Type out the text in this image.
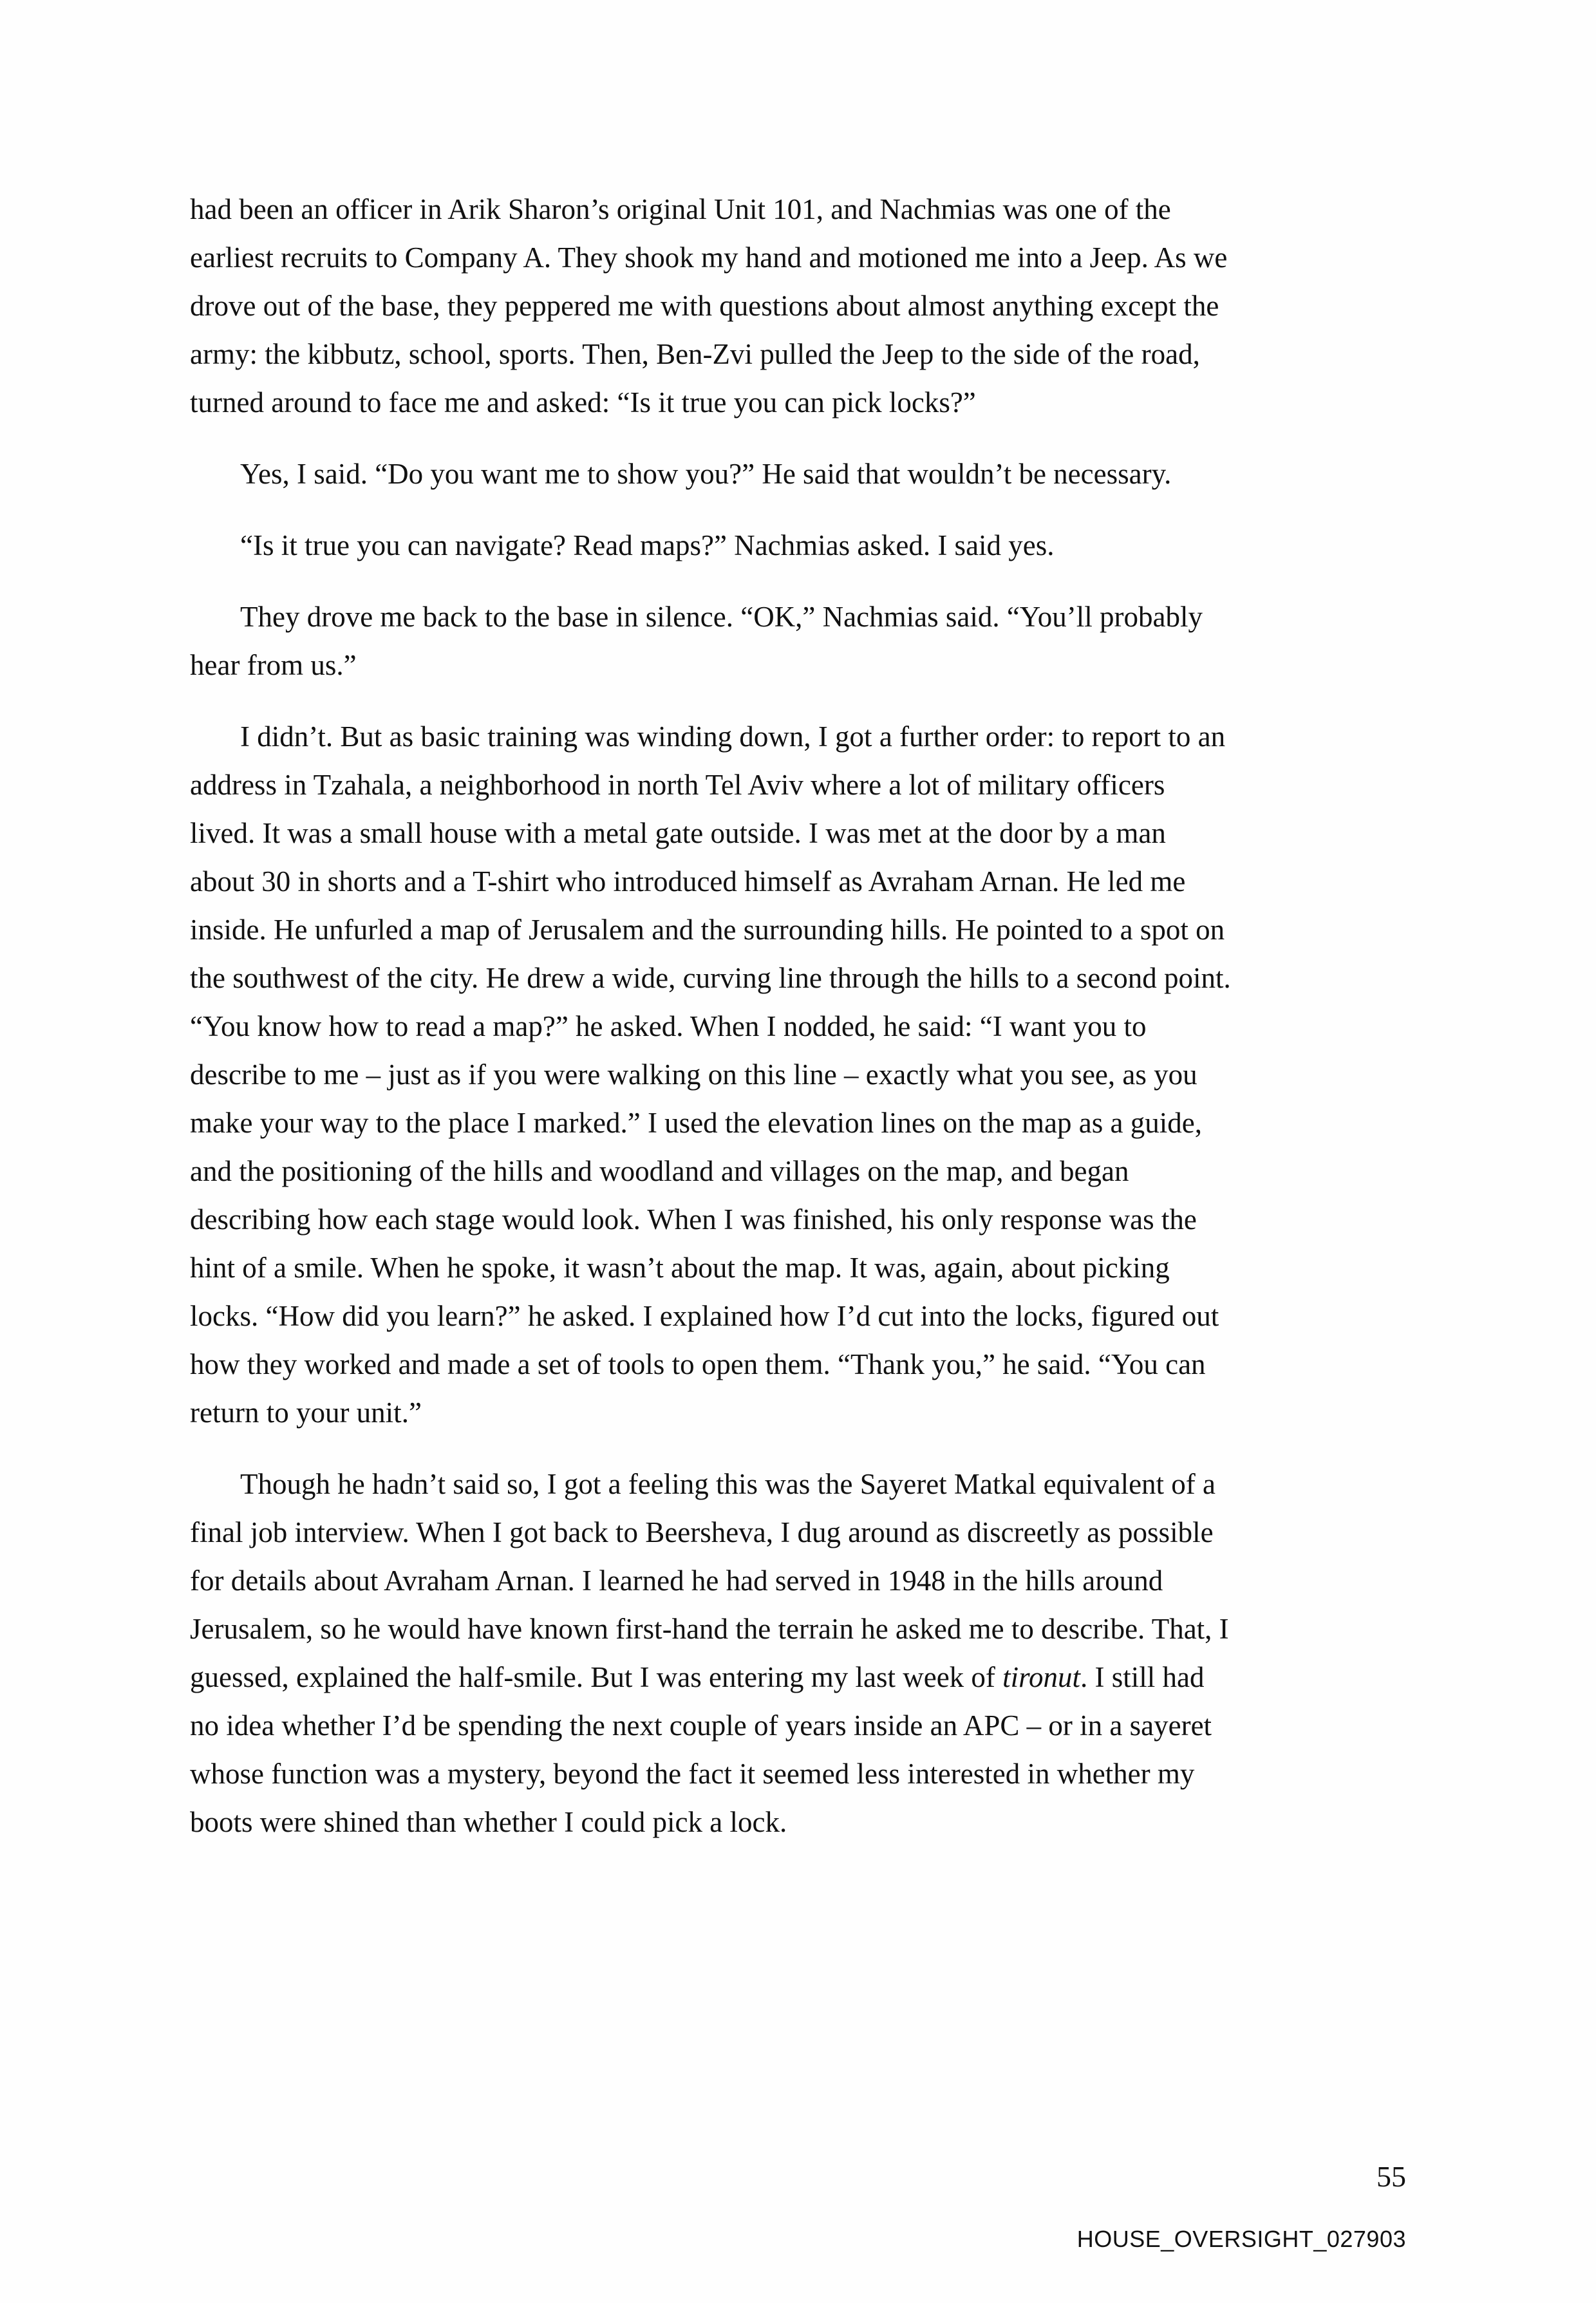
had been an officer in Arik Sharon’s original Unit 101, and Nachmias was one of the earliest recruits to Company A. They shook my hand and motioned me into a Jeep. As we drove out of the base, they peppered me with questions about almost anything except the army: the kibbutz, school, sports. Then, Ben-Zvi pulled the Jeep to the side of the road, turned around to face me and asked: “Is it true you can pick locks?”

Yes, I said. “Do you want me to show you?” He said that wouldn’t be necessary.

“Is it true you can navigate? Read maps?” Nachmias asked. I said yes.

They drove me back to the base in silence. “OK,” Nachmias said. “You’ll probably hear from us.”

I didn’t. But as basic training was winding down, I got a further order: to report to an address in Tzahala, a neighborhood in north Tel Aviv where a lot of military officers lived. It was a small house with a metal gate outside. I was met at the door by a man about 30 in shorts and a T-shirt who introduced himself as Avraham Arnan. He led me inside. He unfurled a map of Jerusalem and the surrounding hills. He pointed to a spot on the southwest of the city. He drew a wide, curving line through the hills to a second point. “You know how to read a map?” he asked. When I nodded, he said: “I want you to describe to me – just as if you were walking on this line – exactly what you see, as you make your way to the place I marked.” I used the elevation lines on the map as a guide, and the positioning of the hills and woodland and villages on the map, and began describing how each stage would look. When I was finished, his only response was the hint of a smile. When he spoke, it wasn’t about the map. It was, again, about picking locks. “How did you learn?” he asked. I explained how I’d cut into the locks, figured out how they worked and made a set of tools to open them. “Thank you,” he said. “You can return to your unit.”

Though he hadn’t said so, I got a feeling this was the Sayeret Matkal equivalent of a final job interview. When I got back to Beersheva, I dug around as discreetly as possible for details about Avraham Arnan. I learned he had served in 1948 in the hills around Jerusalem, so he would have known first-hand the terrain he asked me to describe. That, I guessed, explained the half-smile. But I was entering my last week of tironut. I still had no idea whether I’d be spending the next couple of years inside an APC – or in a sayeret whose function was a mystery, beyond the fact it seemed less interested in whether my boots were shined than whether I could pick a lock.

55
HOUSE_OVERSIGHT_027903
